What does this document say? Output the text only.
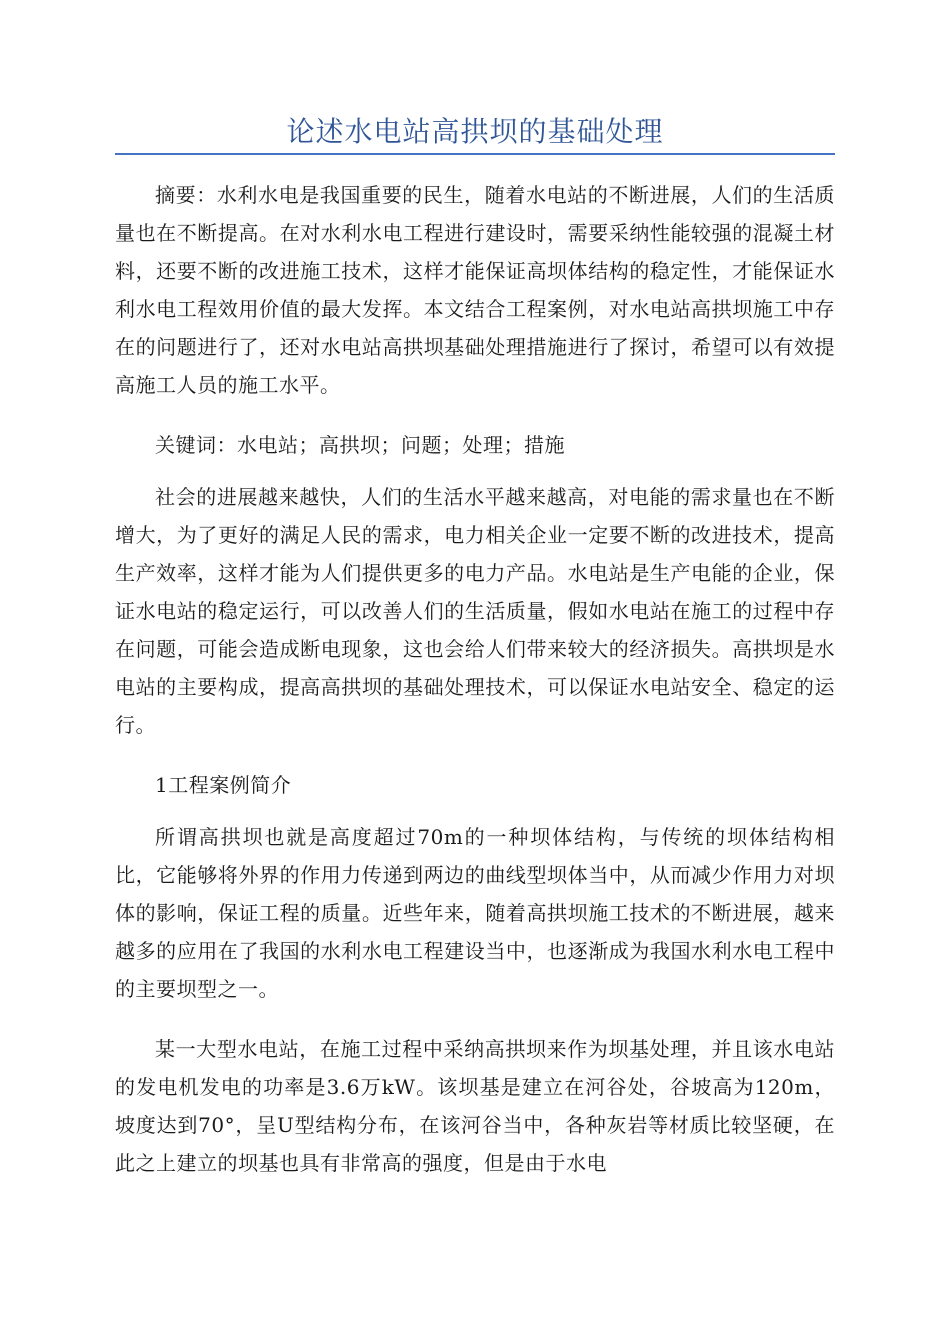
论述水电站高拱坝的基础处理

摘要：水利水电是我国重要的民生，随着水电站的不断进展，人们的生活质量也在不断提高。在对水利水电工程进行建设时，需要采纳性能较强的混凝土材料，还要不断的改进施工技术，这样才能保证高坝体结构的稳定性，才能保证水利水电工程效用价值的最大发挥。本文结合工程案例，对水电站高拱坝施工中存在的问题进行了，还对水电站高拱坝基础处理措施进行了探讨，希望可以有效提高施工人员的施工水平。

关键词：水电站；高拱坝；问题；处理；措施

社会的进展越来越快，人们的生活水平越来越高，对电能的需求量也在不断增大，为了更好的满足人民的需求，电力相关企业一定要不断的改进技术，提高生产效率，这样才能为人们提供更多的电力产品。水电站是生产电能的企业，保证水电站的稳定运行，可以改善人们的生活质量，假如水电站在施工的过程中存在问题，可能会造成断电现象，这也会给人们带来较大的经济损失。高拱坝是水电站的主要构成，提高高拱坝的基础处理技术，可以保证水电站安全、稳定的运行。

1工程案例简介

所谓高拱坝也就是高度超过70m的一种坝体结构，与传统的坝体结构相比，它能够将外界的作用力传递到两边的曲线型坝体当中，从而减少作用力对坝体的影响，保证工程的质量。近些年来，随着高拱坝施工技术的不断进展，越来越多的应用在了我国的水利水电工程建设当中，也逐渐成为我国水利水电工程中的主要坝型之一。

某一大型水电站，在施工过程中采纳高拱坝来作为坝基处理，并且该水电站的发电机发电的功率是3.6万kW。该坝基是建立在河谷处，谷坡高为120m，坡度达到70°，呈U型结构分布，在该河谷当中，各种灰岩等材质比较坚硬，在此之上建立的坝基也具有非常高的强度，但是由于水电
